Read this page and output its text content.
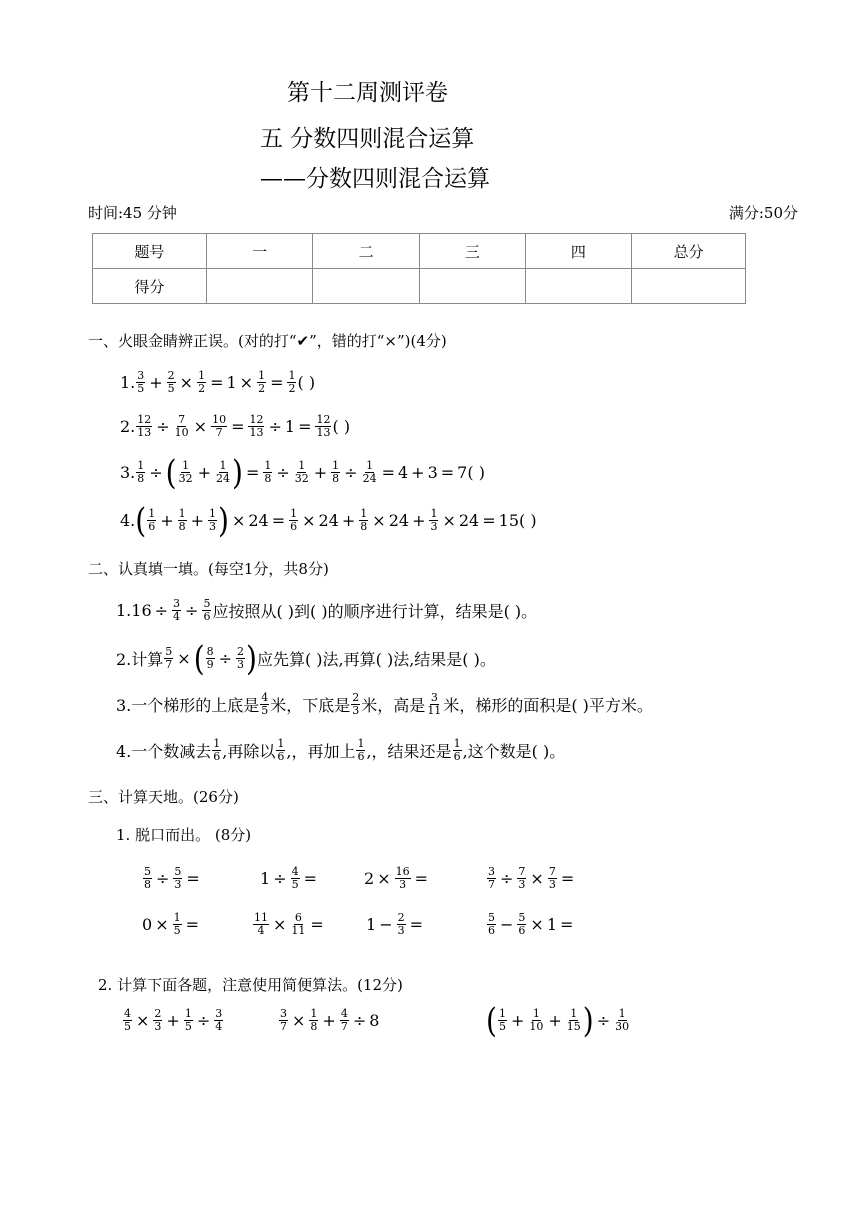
第十二周测评卷
五 分数四则混合运算
——分数四则混合运算
时间:45 分钟	满分:50分
题号	一	二	三	四	总分
得分					
一、火眼金睛辨正误。(对的打“✔”，错的打“×”)(4分)
1. $\frac{3}{5} + \frac{2}{5} \times \frac{1}{2} = 1 \times \frac{1}{2} = \frac{1}{2}$ ( )
2. $\frac{12}{13} \div \frac{7}{10} \times \frac{10}{7} = \frac{12}{13} \div 1 = \frac{12}{13}$ ( )
3. $\frac{1}{8}$ ÷ ( $\frac{1}{32} + \frac{1}{24}$ ) = $\frac{1}{8} \div \frac{1}{32} + \frac{1}{8} \div \frac{1}{24} = 4 + 3 = 7$ ( )
4. ( $\frac{1}{6} + \frac{1}{8} + \frac{1}{3}$ ) × $24 = \frac{1}{6} \times 24 + \frac{1}{8} \times 24 + \frac{1}{3} \times 24 = 15$ ( )
二、认真填一填。(每空1分，共8分)
$1.16 \div \frac{3}{4} \div \frac{5}{6}$ 应按照从( )到( )的顺序进行计算，结果是( )。
2.计算 $\frac{5}{7}$ × ( $\frac{8}{9} \div \frac{2}{3}$ ) 应先算( )法,再算( )法,结果是( )。
3.一个梯形的上底是 $\frac{4}{5}$ 米，下底是 $\frac{2}{3}$ 米，高是 $\frac{3}{11}$ 米，梯形的面积是( )平方米。
4.一个数减去 $\frac{1}{6}$ ,再除以 $\frac{1}{6}$ ,，再加上 $\frac{1}{6}$ ,，结果还是 $\frac{1}{6}$ ,这个数是( )。
三、计算天地。(26分)
1. 脱口而出。 (8分)
$\frac{5}{8} \div \frac{5}{3}$ =	$1 \div \frac{4}{5}$ =	$2 \times \frac{16}{3}$ =	$\frac{3}{7} \div \frac{7}{3} \times \frac{7}{3}$ =
$0 \times \frac{1}{5}$ =	$\frac{11}{4} \times \frac{6}{11}$ =	$1 - \frac{2}{3}$ =	$\frac{5}{6} - \frac{5}{6} \times 1$ =
2. 计算下面各题，注意使用简便算法。(12分)
$\frac{4}{5} \times \frac{2}{3} + \frac{1}{5} \div \frac{3}{4}$	$\frac{3}{7} \times \frac{1}{8} + \frac{4}{7} \div 8$	( $\frac{1}{5} + \frac{1}{10} + \frac{1}{15}$ ) ÷ $\frac{1}{30}$
